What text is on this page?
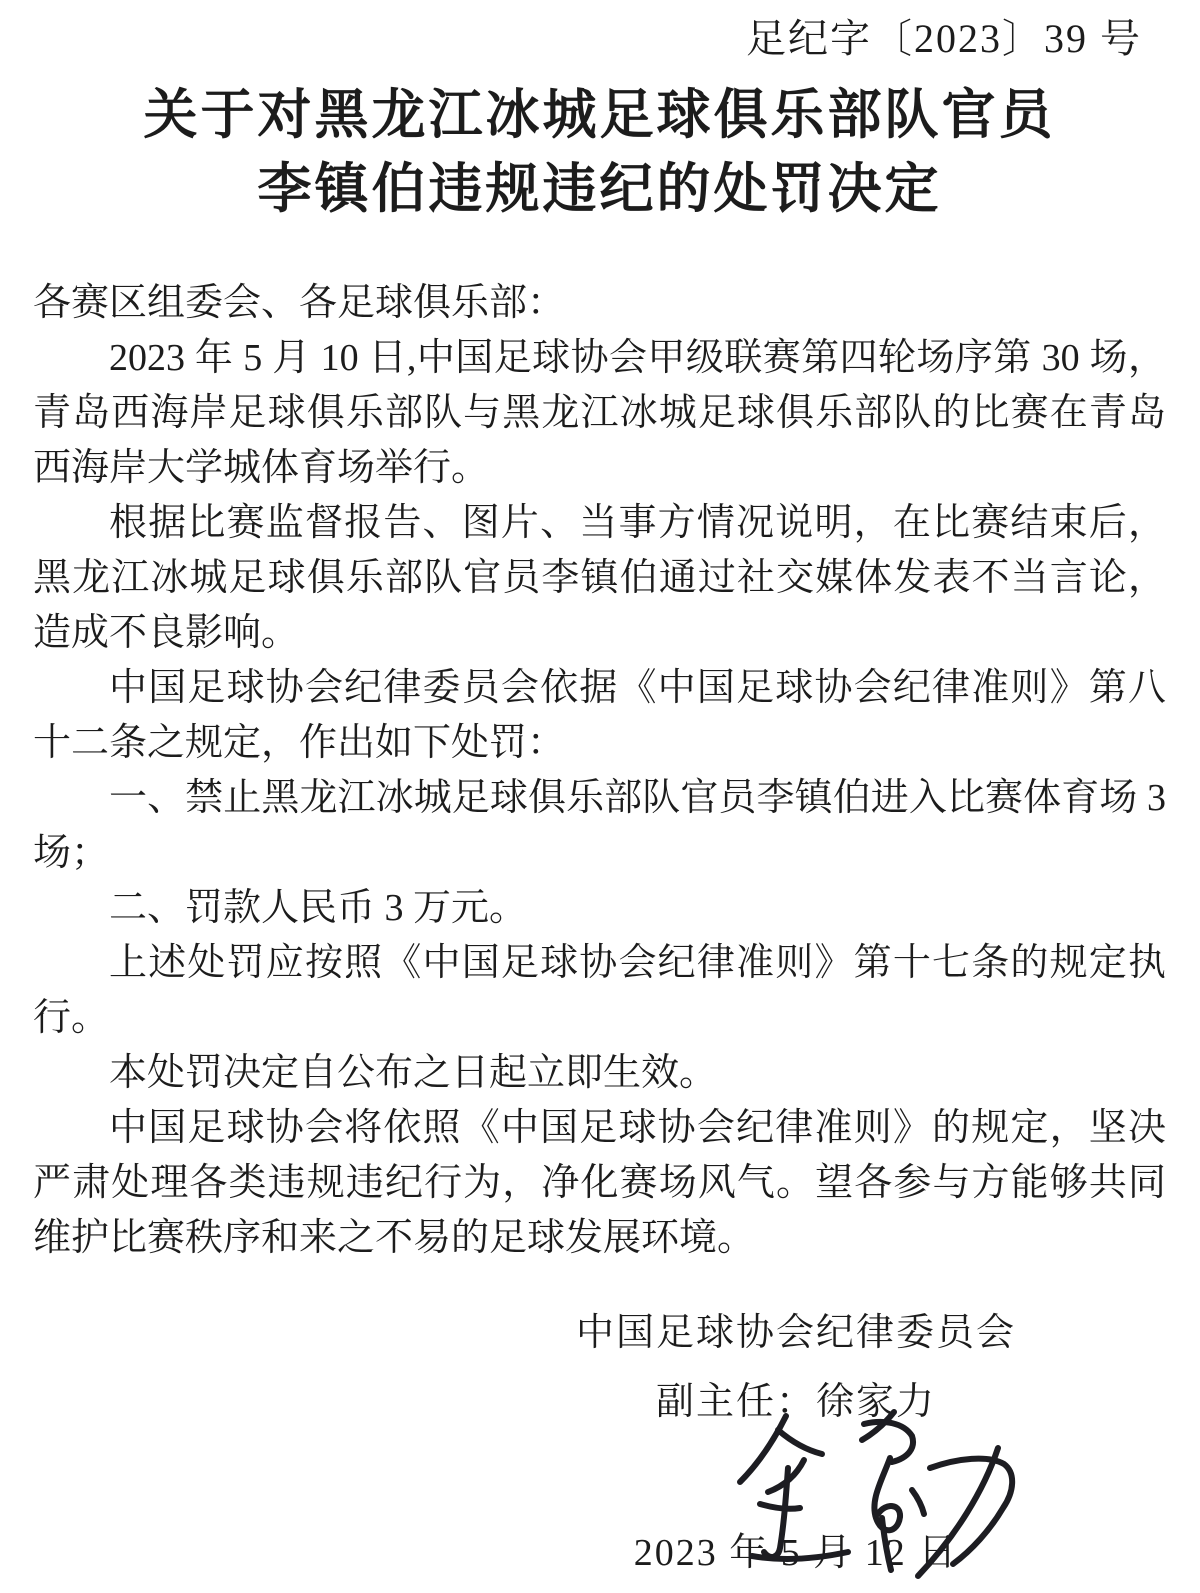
足纪字〔2023〕39 号
关于对黑龙江冰城足球俱乐部队官员
李镇伯违规违纪的处罚决定

各赛区组委会、各足球俱乐部：

2023 年 5 月 10 日,中国足球协会甲级联赛第四轮场序第 30 场，青岛西海岸足球俱乐部队与黑龙江冰城足球俱乐部队的比赛在青岛西海岸大学城体育场举行。

根据比赛监督报告、图片、当事方情况说明，在比赛结束后，黑龙江冰城足球俱乐部队官员李镇伯通过社交媒体发表不当言论，造成不良影响。

中国足球协会纪律委员会依据《中国足球协会纪律准则》第八十二条之规定，作出如下处罚：

一、禁止黑龙江冰城足球俱乐部队官员李镇伯进入比赛体育场 3 场；

二、罚款人民币 3 万元。

上述处罚应按照《中国足球协会纪律准则》第十七条的规定执行。

本处罚决定自公布之日起立即生效。

中国足球协会将依照《中国足球协会纪律准则》的规定，坚决严肃处理各类违规违纪行为，净化赛场风气。望各参与方能够共同维护比赛秩序和来之不易的足球发展环境。

中国足球协会纪律委员会
副主任：徐家力
2023 年 5 月 12 日
